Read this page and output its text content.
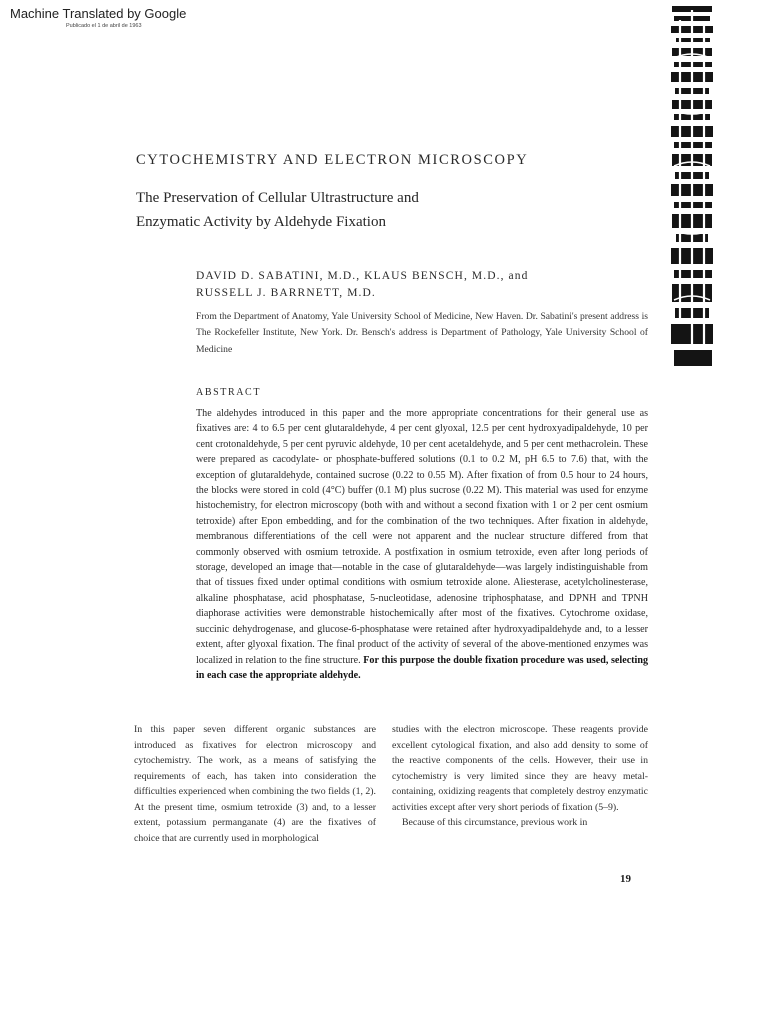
Machine Translated by Google
Publicado el 1 de abril de 1963
CYTOCHEMISTRY AND ELECTRON MICROSCOPY
The Preservation of Cellular Ultrastructure and
Enzymatic Activity by Aldehyde Fixation
DAVID D. SABATINI, M.D., KLAUS BENSCH, M.D., and
RUSSELL J. BARRNETT, M.D.
From the Department of Anatomy, Yale University School of Medicine, New Haven. Dr. Sabatini's present address is The Rockefeller Institute, New York. Dr. Bensch's address is Department of Pathology, Yale University School of Medicine
ABSTRACT
The aldehydes introduced in this paper and the more appropriate concentrations for their general use as fixatives are: 4 to 6.5 per cent glutaraldehyde, 4 per cent glyoxal, 12.5 per cent hydroxyadipaldehyde, 10 per cent crotonaldehyde, 5 per cent pyruvic aldehyde, 10 per cent acetaldehyde, and 5 per cent methacrolein. These were prepared as cacodylate- or phosphate-buffered solutions (0.1 to 0.2 M, pH 6.5 to 7.6) that, with the exception of glutaraldehyde, contained sucrose (0.22 to 0.55 M). After fixation of from 0.5 hour to 24 hours, the blocks were stored in cold (4°C) buffer (0.1 M) plus sucrose (0.22 M). This material was used for enzyme histochemistry, for electron microscopy (both with and without a second fixation with 1 or 2 per cent osmium tetroxide) after Epon embedding, and for the combination of the two techniques. After fixation in aldehyde, membranous differentiations of the cell were not apparent and the nuclear structure differed from that commonly observed with osmium tetroxide. A postfixation in osmium tetroxide, even after long periods of storage, developed an image that—notable in the case of glutaraldehyde—was largely indistinguishable from that of tissues fixed under optimal conditions with osmium tetroxide alone. Aliesterase, acetylcholinesterase, alkaline phosphatase, acid phosphatase, 5-nucleotidase, adenosine triphosphatase, and DPNH and TPNH diaphorase activities were demonstrable histochemically after most of the fixatives. Cytochrome oxidase, succinic dehydrogenase, and glucose-6-phosphatase were retained after hydroxyadipaldehyde and, to a lesser extent, after glyoxal fixation. The final product of the activity of several of the above-mentioned enzymes was localized in relation to the fine structure. For this purpose the double fixation procedure was used, selecting in each case the appropriate aldehyde.
In this paper seven different organic substances are introduced as fixatives for electron microscopy and cytochemistry. The work, as a means of satisfying the requirements of each, has taken into consideration the difficulties experienced when combining the two fields (1, 2). At the present time, osmium tetroxide (3) and, to a lesser extent, potassium permanganate (4) are the fixatives of choice that are currently used in morphological
studies with the electron microscope. These reagents provide excellent cytological fixation, and also add density to some of the reactive components of the cells. However, their use in cytochemistry is very limited since they are heavy metal-containing, oxidizing reagents that completely destroy enzymatic activities except after very short periods of fixation (5–9).
Because of this circumstance, previous work in
19
